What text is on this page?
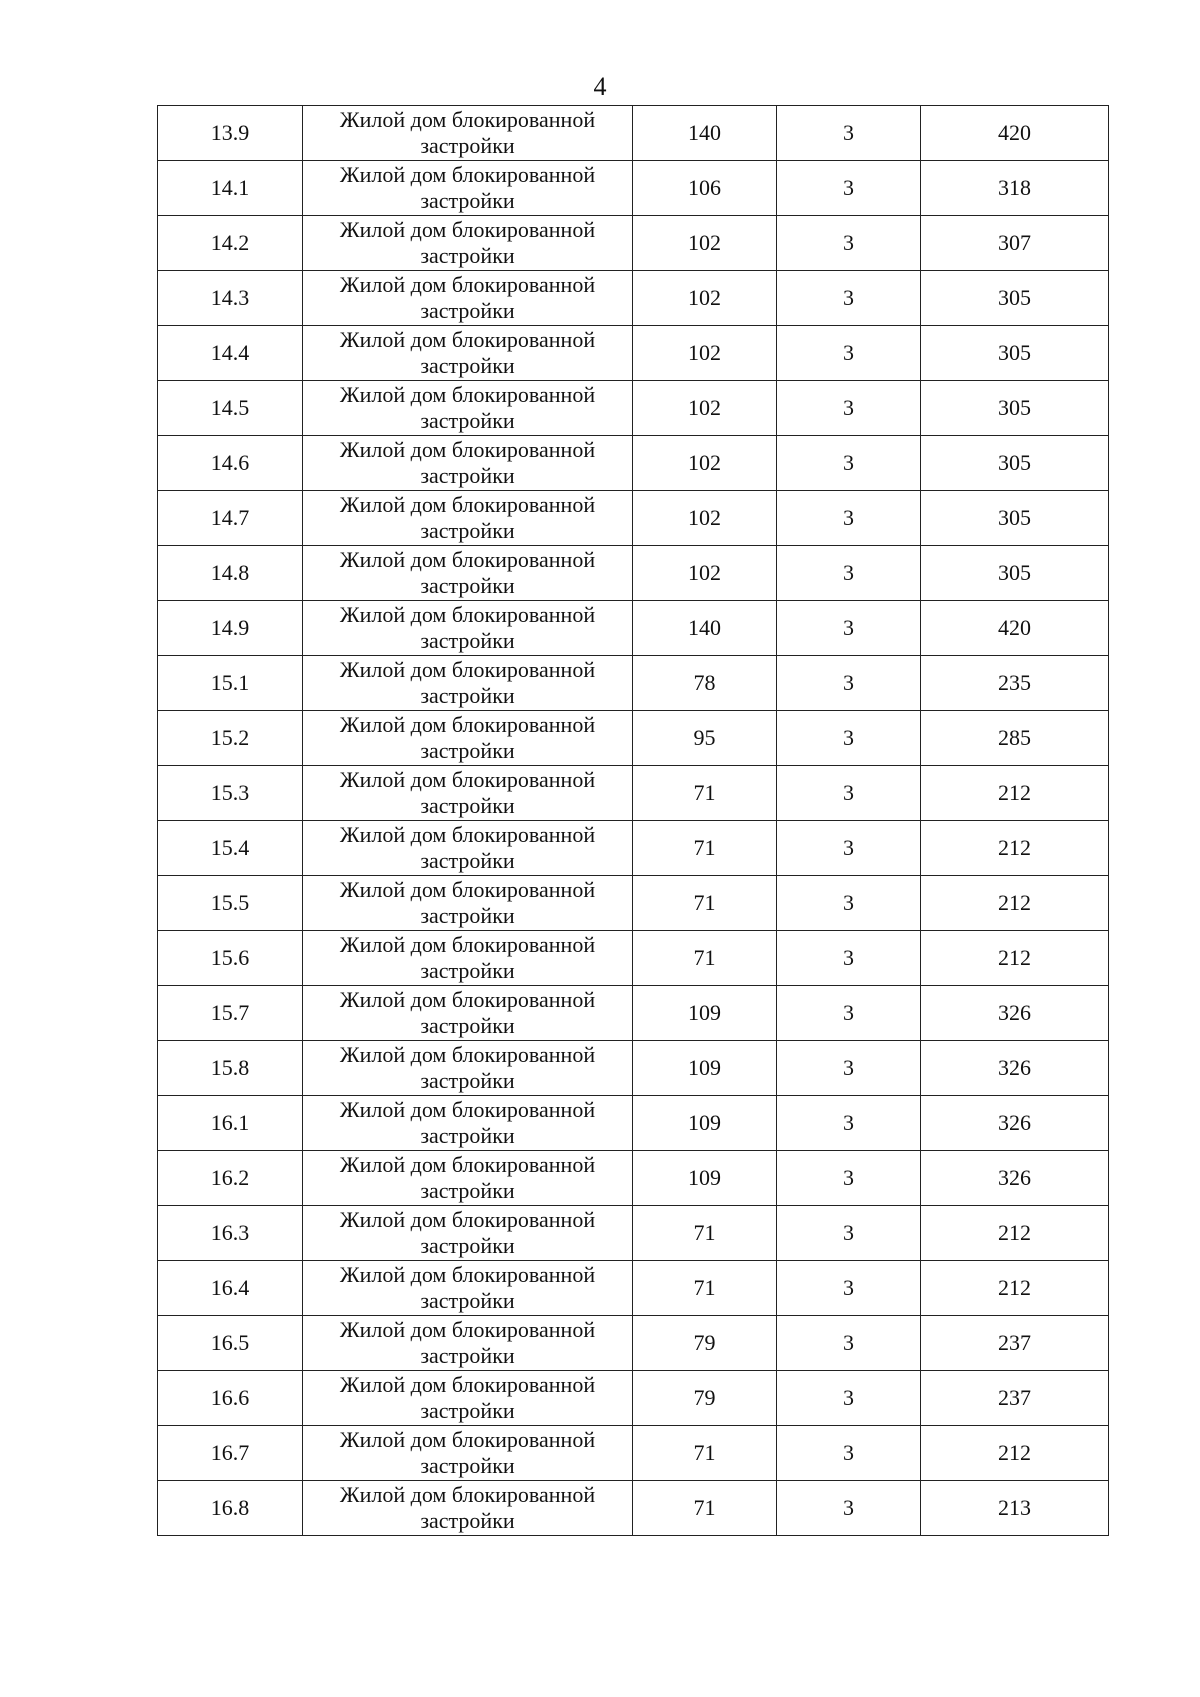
4
13.9	Жилой дом блокированной
застройки	140	3	420
14.1	Жилой дом блокированной
застройки	106	3	318
14.2	Жилой дом блокированной
застройки	102	3	307
14.3	Жилой дом блокированной
застройки	102	3	305
14.4	Жилой дом блокированной
застройки	102	3	305
14.5	Жилой дом блокированной
застройки	102	3	305
14.6	Жилой дом блокированной
застройки	102	3	305
14.7	Жилой дом блокированной
застройки	102	3	305
14.8	Жилой дом блокированной
застройки	102	3	305
14.9	Жилой дом блокированной
застройки	140	3	420
15.1	Жилой дом блокированной
застройки	78	3	235
15.2	Жилой дом блокированной
застройки	95	3	285
15.3	Жилой дом блокированной
застройки	71	3	212
15.4	Жилой дом блокированной
застройки	71	3	212
15.5	Жилой дом блокированной
застройки	71	3	212
15.6	Жилой дом блокированной
застройки	71	3	212
15.7	Жилой дом блокированной
застройки	109	3	326
15.8	Жилой дом блокированной
застройки	109	3	326
16.1	Жилой дом блокированной
застройки	109	3	326
16.2	Жилой дом блокированной
застройки	109	3	326
16.3	Жилой дом блокированной
застройки	71	3	212
16.4	Жилой дом блокированной
застройки	71	3	212
16.5	Жилой дом блокированной
застройки	79	3	237
16.6	Жилой дом блокированной
застройки	79	3	237
16.7	Жилой дом блокированной
застройки	71	3	212
16.8	Жилой дом блокированной
застройки	71	3	213
